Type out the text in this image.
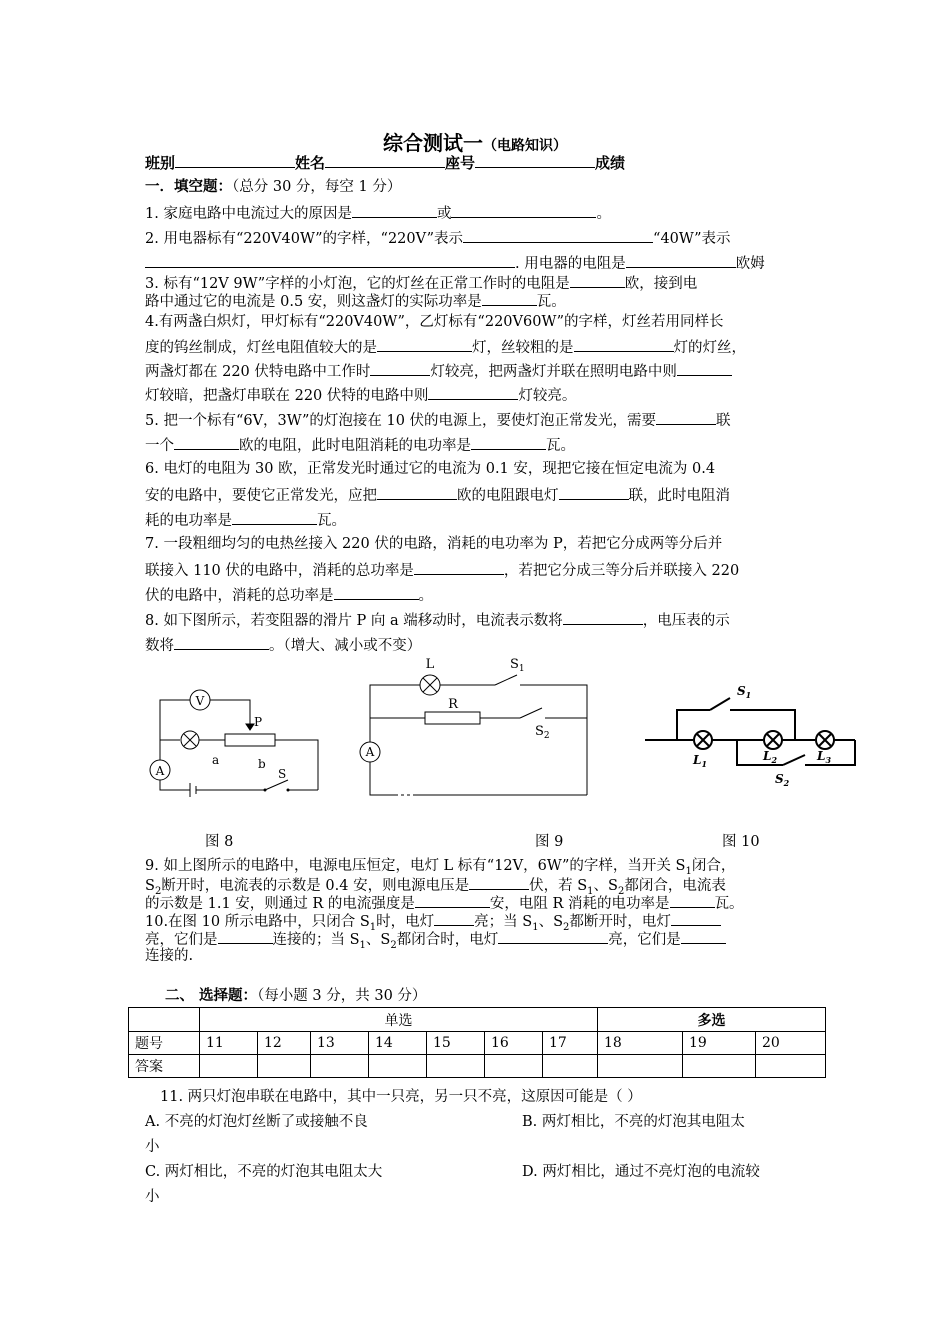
综合测试一（电路知识）
班别	姓名	座号	成绩
一．填空题：（总分 30 分，每空 1 分）
1. 家庭电路中电流过大的原因是	或	。
2. 用电器标有“220V40W”的字样，“220V”表示	“40W”表示
. 用电器的电阻是	欧姆
3. 标有“12V 9W”字样的小灯泡，它的灯丝在正常工作时的电阻是	欧，接到电
路中通过它的电流是 0.5 安，则这盏灯的实际功率是	瓦。
4.有两盏白炽灯，甲灯标有“220V40W”，乙灯标有“220V60W”的字样，灯丝若用同样长
度的钨丝制成，灯丝电阻值较大的是	灯，丝较粗的是	灯的灯丝，
两盏灯都在 220 伏特电路中工作时	灯较亮，把两盏灯并联在照明电路中则
灯较暗，把盏灯串联在 220 伏特的电路中则	灯较亮。
5. 把一个标有“6V，3W”的灯泡接在 10 伏的电源上，要使灯泡正常发光，需要	联
一个	欧的电阻，此时电阻消耗的电功率是	瓦。
6. 电灯的电阻为 30 欧，正常发光时通过它的电流为 0.1 安，现把它接在恒定电流为 0.4
安的电路中，要使它正常发光，应把	欧的电阻跟电灯	联，此时电阻消
耗的电功率是	瓦。
7. 一段粗细均匀的电热丝接入 220 伏的电路，消耗的电功率为 P，若把它分成两等分后并
联接入 110 伏的电路中，消耗的总功率是	，若把它分成三等分后并联接入 220
伏的电路中，消耗的总功率是	。
8. 如下图所示，若变阻器的滑片 P 向 a 端移动时，电流表示数将	，电压表的示
数将	。（增大、减小或不变）
V
A
P
a	b
S
L
R
$S_1$
$S_2$
A
$S_1$
$L_1$
$L_2$	$L_3$
$S_2$
图 8	图 9	图 10
9. 如上图所示的电路中，电源电压恒定，电灯 L 标有“12V，6W”的字样，当开关 $S_1$闭合，
$S_2$断开时，电流表的示数是 0.4 安，则电源电压是	伏，若 $S_1$、$S_2$都闭合，电流表
的示数是 1.1 安，则通过 R 的电流强度是	安，电阻 R 消耗的电功率是	瓦。
10.在图 10 所示电路中，只闭合 $S_1$时，电灯	亮；当 $S_1$、$S_2$都断开时，电灯
亮，它们是	连接的；当 $S_1$、$S_2$都闭合时，电灯	亮，它们是
连接的.
二、 选择题：（每小题 3 分，共 30 分）
	单选							多选		
题号	11	12	13	14	15	16	17	18	19	20
答案										
11. 两只灯泡串联在电路中，其中一只亮，另一只不亮，这原因可能是（ ）
A. 不亮的灯泡灯丝断了或接触不良	B. 两灯相比，不亮的灯泡其电阻太
小
C. 两灯相比，不亮的灯泡其电阻太大	D. 两灯相比，通过不亮灯泡的电流较
小
